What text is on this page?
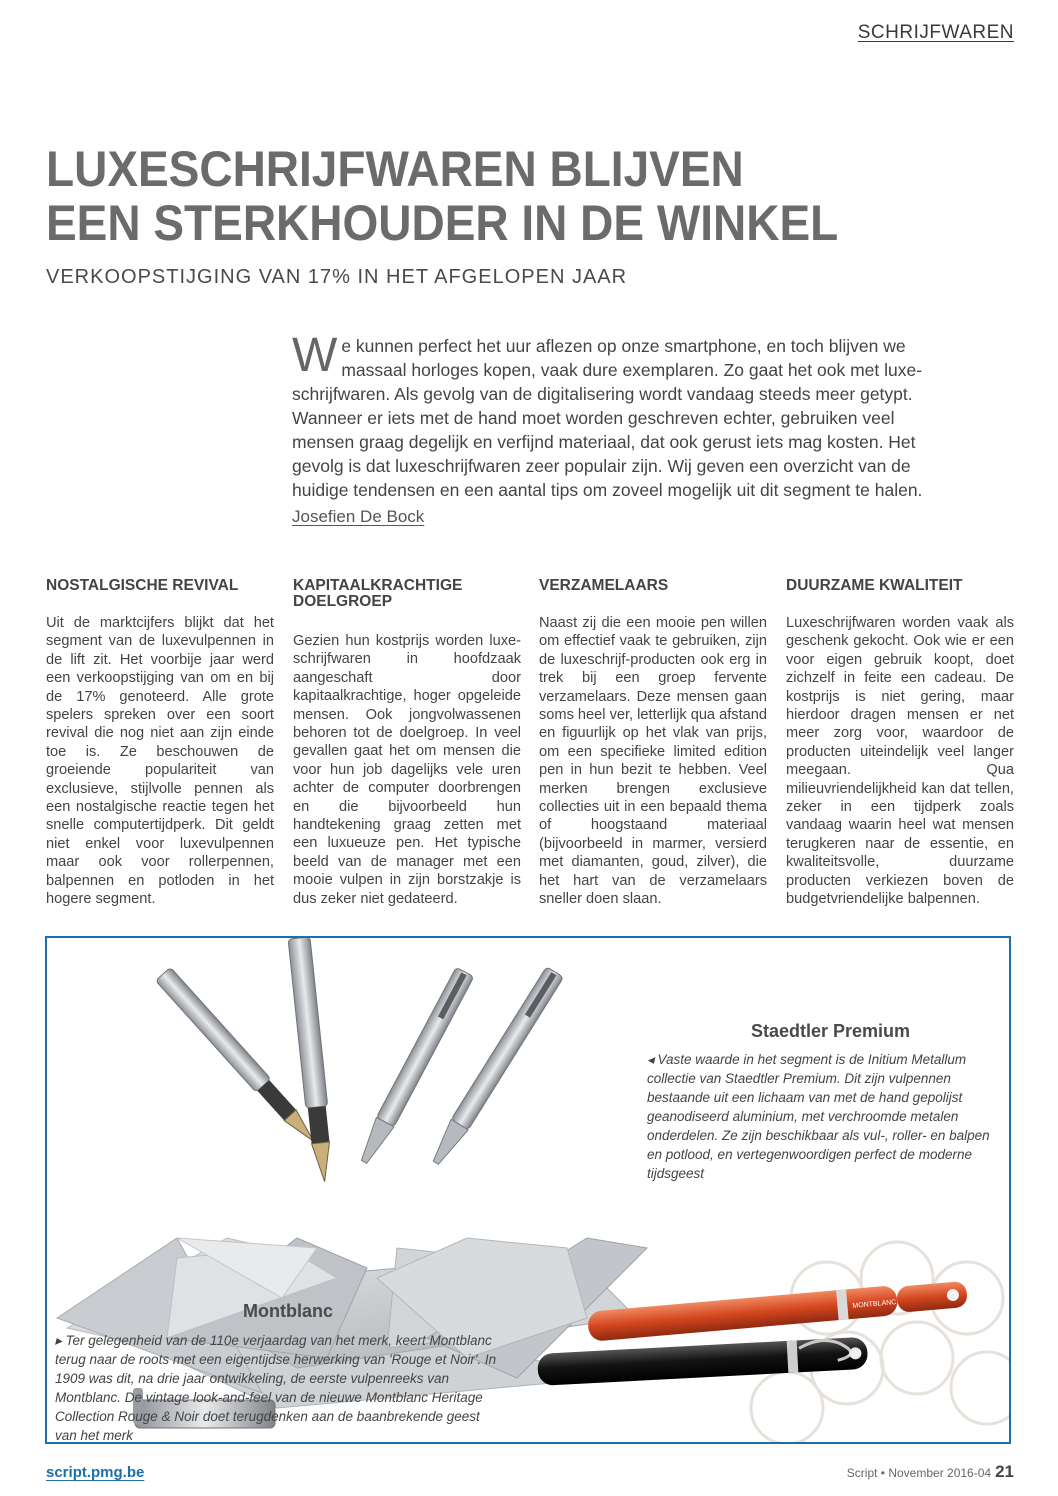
SCHRIJFWAREN
LUXESCHRIJFWAREN BLIJVEN
EEN STERKHOUDER IN DE WINKEL
VERKOOPSTIJGING VAN 17% IN HET AFGELOPEN JAAR
We kunnen perfect het uur aflezen op onze smartphone, en toch blijven we massaal horloges kopen, vaak dure exemplaren. Zo gaat het ook met luxe-schrijfwaren. Als gevolg van de digitalisering wordt vandaag steeds meer getypt. Wanneer er iets met de hand moet worden geschreven echter, gebruiken veel mensen graag degelijk en verfijnd materiaal, dat ook gerust iets mag kosten. Het gevolg is dat luxeschrijfwaren zeer populair zijn. Wij geven een overzicht van de huidige tendensen en een aantal tips om zoveel mogelijk uit dit segment te halen.
Josefien De Bock
NOSTALGISCHE REVIVAL

Uit de marktcijfers blijkt dat het segment van de luxevulpennen in de lift zit. Het voorbije jaar werd een verkoopstijging van om en bij de 17% genoteerd. Alle grote spelers spreken over een soort revival die nog niet aan zijn einde toe is. Ze beschouwen de groeiende populariteit van exclusieve, stijlvolle pennen als een nostalgische reactie tegen het snelle computertijdperk. Dit geldt niet enkel voor luxevulpennen maar ook voor rollerpennen, balpennen en potloden in het hogere segment.

KAPITAALKRACHTIGE DOELGROEP

Gezien hun kostprijs worden luxe-schrijfwaren in hoofdzaak aangeschaft door kapitaalkrachtige, hoger opgeleide mensen. Ook jongvolwassenen behoren tot de doelgroep. In veel gevallen gaat het om mensen die voor hun job dagelijks vele uren achter de computer doorbrengen en die bijvoorbeeld hun handtekening graag zetten met een luxueuze pen. Het typische beeld van de manager met een mooie vulpen in zijn borstzakje is dus zeker niet gedateerd.

VERZAMELAARS

Naast zij die een mooie pen willen om effectief vaak te gebruiken, zijn de luxeschrijf-producten ook erg in trek bij een groep fervente verzamelaars. Deze mensen gaan soms heel ver, letterlijk qua afstand en figuurlijk op het vlak van prijs, om een specifieke limited edition pen in hun bezit te hebben. Veel merken brengen exclusieve collecties uit in een bepaald thema of hoogstaand materiaal (bijvoorbeeld in marmer, versierd met diamanten, goud, zilver), die het hart van de verzamelaars sneller doen slaan.

DUURZAME KWALITEIT

Luxeschrijfwaren worden vaak als geschenk gekocht. Ook wie er een voor eigen gebruik koopt, doet zichzelf in feite een cadeau. De kostprijs is niet gering, maar hierdoor dragen mensen er net meer zorg voor, waardoor de producten uiteindelijk veel langer meegaan. Qua milieuvriendelijkheid kan dat tellen, zeker in een tijdperk zoals vandaag waarin heel wat mensen terugkeren naar de essentie, en kwaliteitsvolle, duurzame producten verkiezen boven de budgetvriendelijke balpennen.

MONTBLANC
Staedtler Premium
◂ Vaste waarde in het segment is de Initium Metallum collectie van Staedtler Premium. Dit zijn vulpennen bestaande uit een lichaam van met de hand gepolijst geanodiseerd aluminium, met verchroomde metalen onderdelen. Ze zijn beschikbaar als vul-, roller- en balpen en potlood, en vertegenwoordigen perfect de moderne tijdsgeest
Montblanc
▸ Ter gelegenheid van de 110e verjaardag van het merk, keert Montblanc terug naar de roots met een eigentijdse herwerking van 'Rouge et Noir'. In 1909 was dit, na drie jaar ontwikkeling, de eerste vulpenreeks van Montblanc. De vintage look-and-feel van de nieuwe Montblanc Heritage Collection Rouge & Noir doet terugdenken aan de baanbrekende geest van het merk
script.pmg.be	Script • November 2016-04 21
